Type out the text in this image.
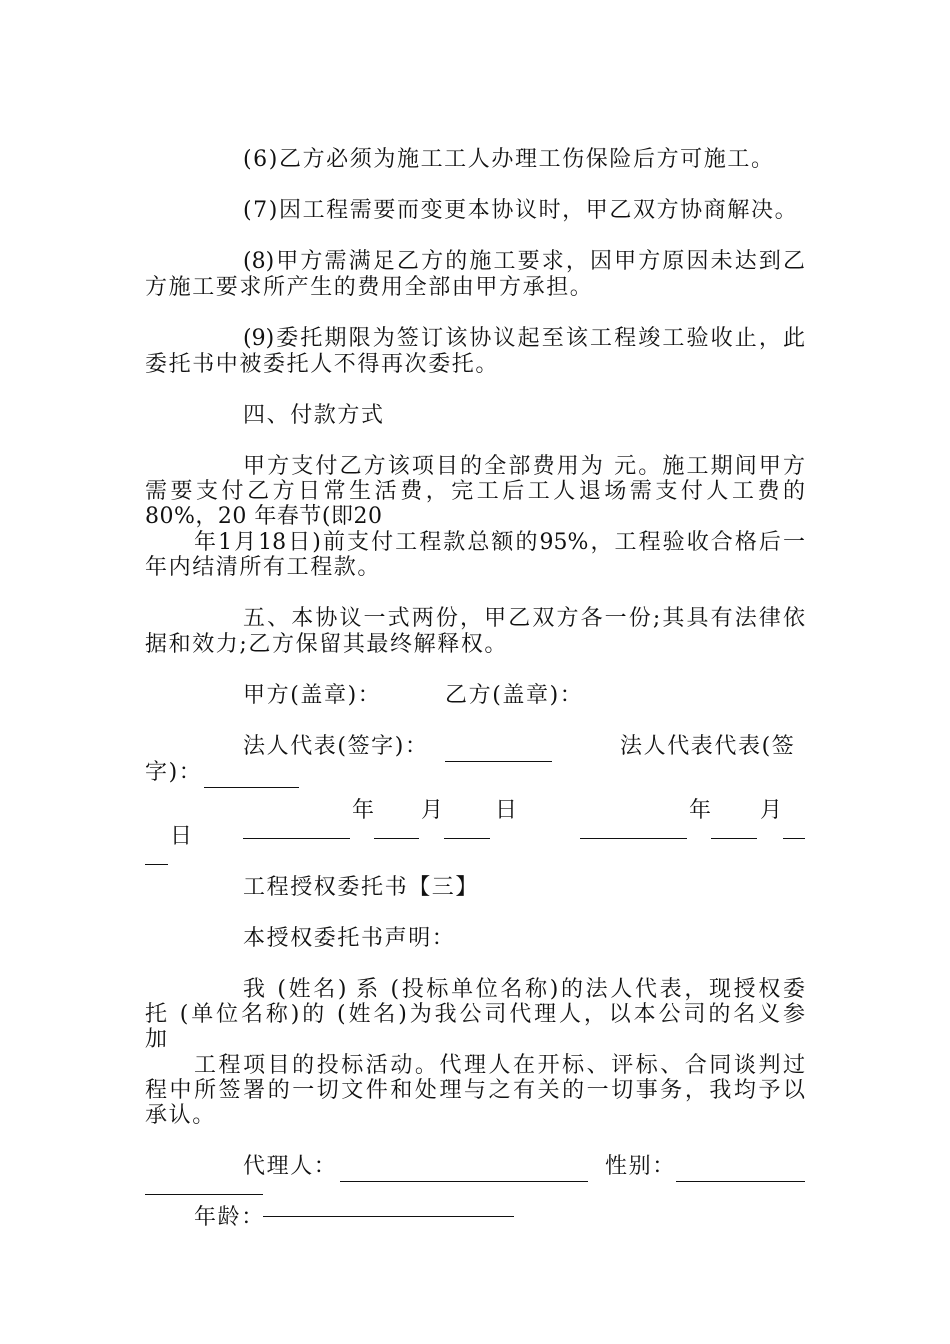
(6)乙方必须为施工工人办理工伤保险后方可施工。

(7)因工程需要而变更本协议时，甲乙双方协商解决。

(8)甲方需满足乙方的施工要求，因甲方原因未达到乙

方施工要求所产生的费用全部由甲方承担。

(9)委托期限为签订该协议起至该工程竣工验收止，此

委托书中被委托人不得再次委托。

四、付款方式

甲方支付乙方该项目的全部费用为 元。施工期间甲方

需要支付乙方日常生活费，完工后工人退场需支付人工费的

80%，20 年春节(即20

年1月18日)前支付工程款总额的95%，工程验收合格后一

年内结清所有工程款。

五、本协议一式两份，甲乙双方各一份;其具有法律依

据和效力;乙方保留其最终解释权。

甲方(盖章)：	乙方(盖章)：

法人代表(签字)：	法人代表代表(签

字)：

年 月 日	年 月

日

工程授权委托书【三】

本授权委托书声明：

我 (姓名) 系 (投标单位名称)的法人代表，现授权委

托 (单位名称)的 (姓名)为我公司代理人，以本公司的名义参

加

工程项目的投标活动。代理人在开标、评标、合同谈判过

程中所签署的一切文件和处理与之有关的一切事务，我均予以

承认。

代理人：	性别：

年龄：
